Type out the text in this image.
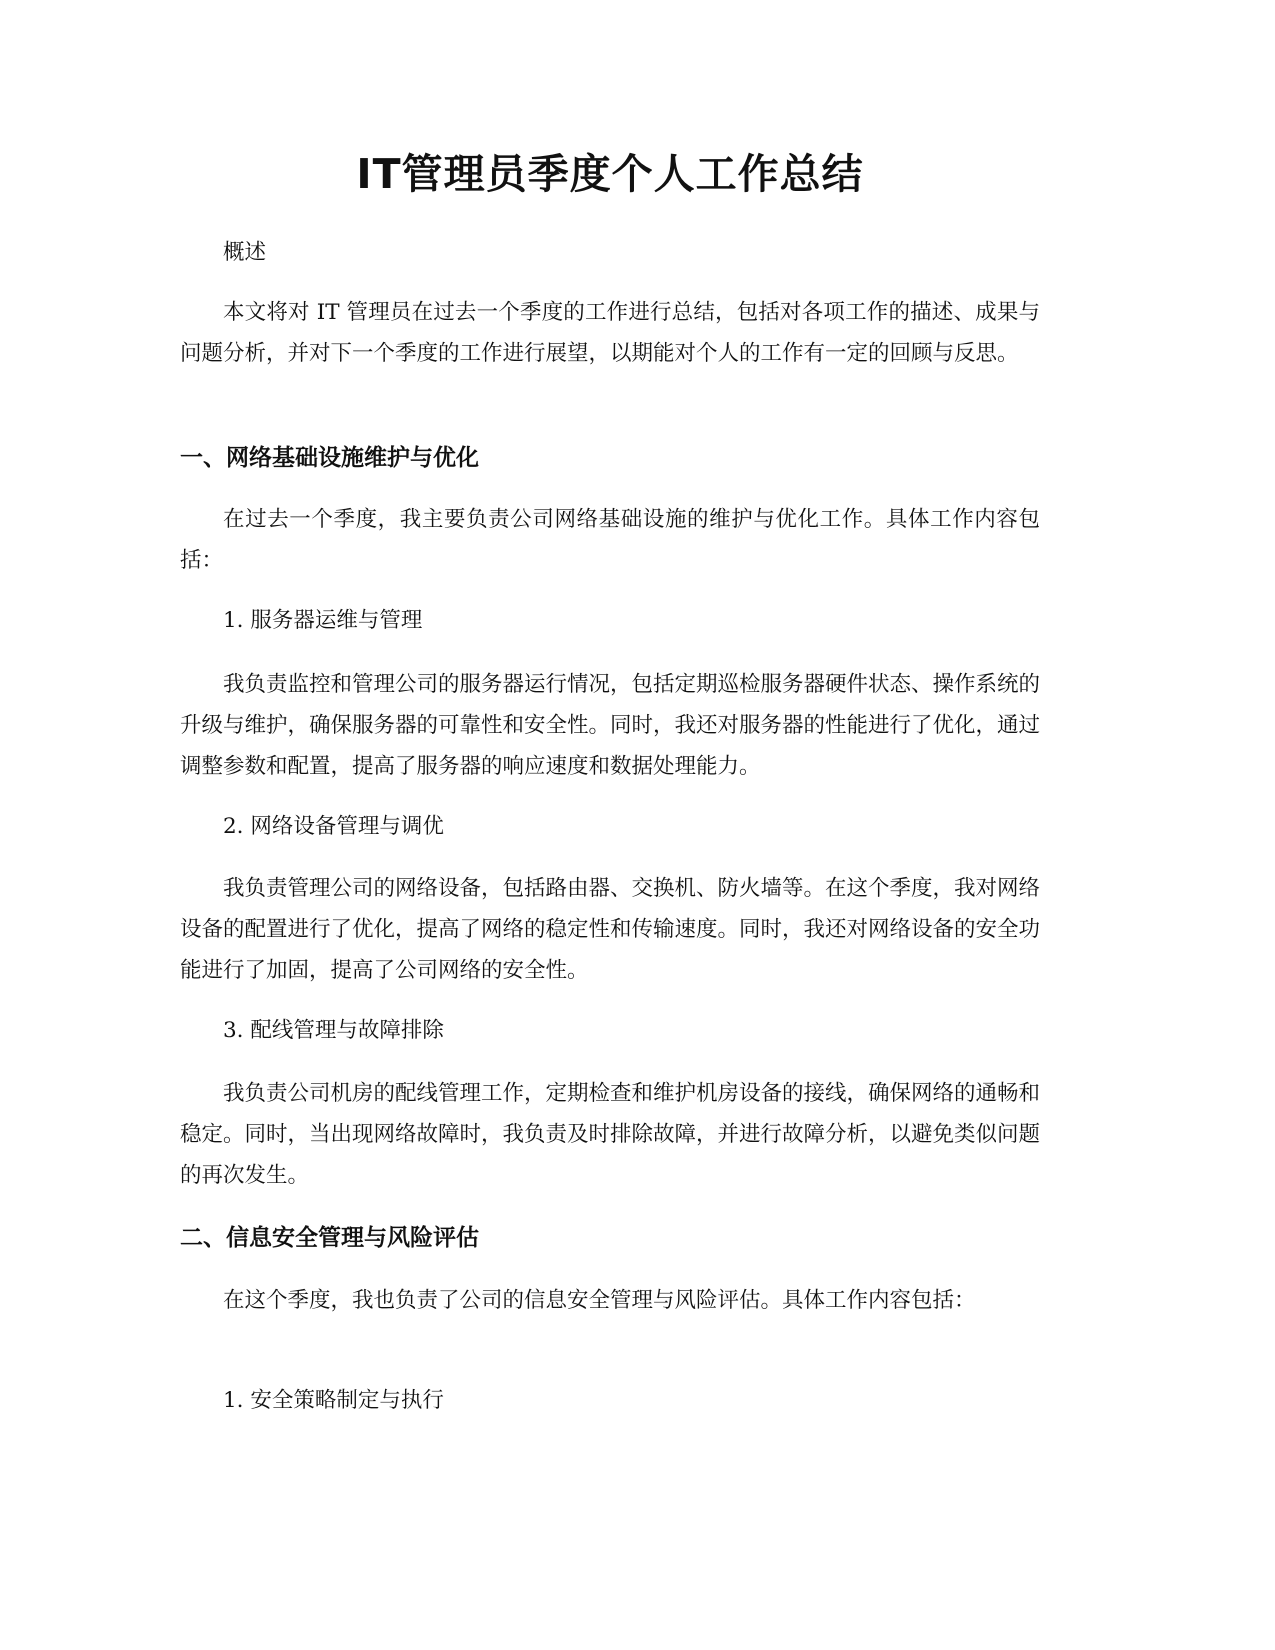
IT管理员季度个人工作总结

概述

本文将对 IT 管理员在过去一个季度的工作进行总结，包括对各项工作的描述、成果与问题分析，并对下一个季度的工作进行展望，以期能对个人的工作有一定的回顾与反思。

一、网络基础设施维护与优化

在过去一个季度，我主要负责公司网络基础设施的维护与优化工作。具体工作内容包括：

1. 服务器运维与管理

我负责监控和管理公司的服务器运行情况，包括定期巡检服务器硬件状态、操作系统的升级与维护，确保服务器的可靠性和安全性。同时，我还对服务器的性能进行了优化，通过调整参数和配置，提高了服务器的响应速度和数据处理能力。

2. 网络设备管理与调优

我负责管理公司的网络设备，包括路由器、交换机、防火墙等。在这个季度，我对网络设备的配置进行了优化，提高了网络的稳定性和传输速度。同时，我还对网络设备的安全功能进行了加固，提高了公司网络的安全性。

3. 配线管理与故障排除

我负责公司机房的配线管理工作，定期检查和维护机房设备的接线，确保网络的通畅和稳定。同时，当出现网络故障时，我负责及时排除故障，并进行故障分析，以避免类似问题的再次发生。

二、信息安全管理与风险评估

在这个季度，我也负责了公司的信息安全管理与风险评估。具体工作内容包括：

1. 安全策略制定与执行
